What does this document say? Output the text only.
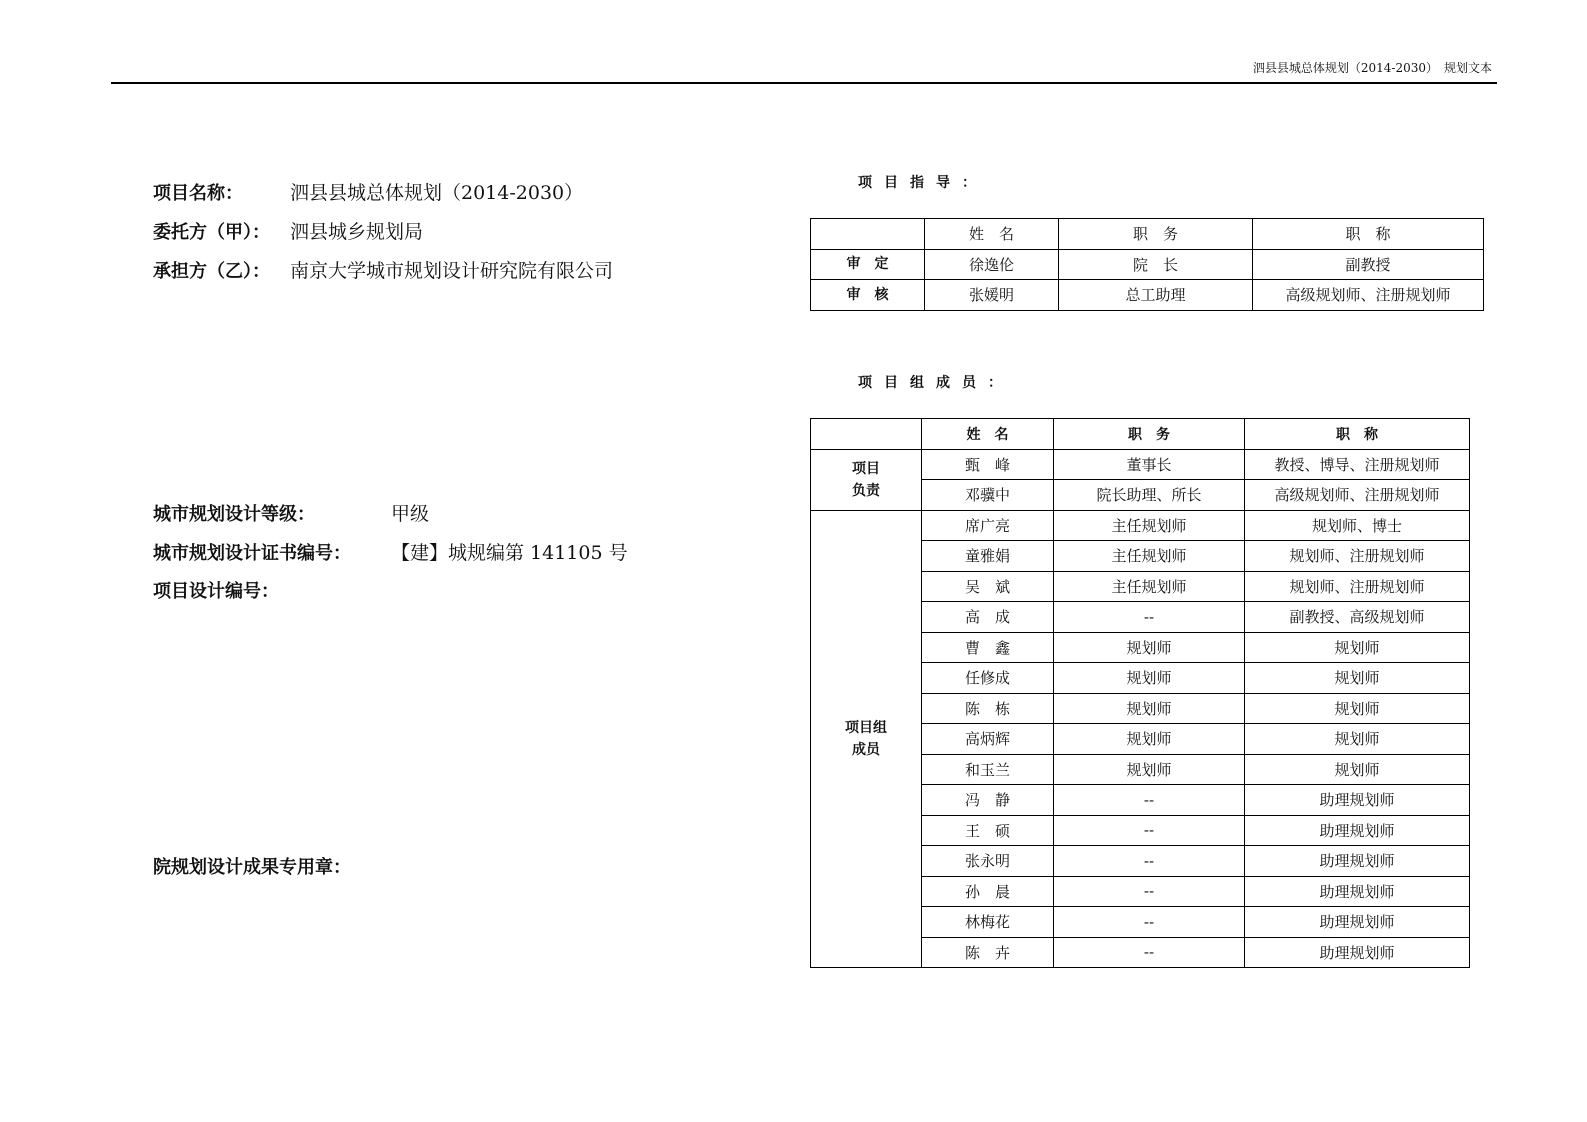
泗县县城总体规划（2014-2030）　规划文本
项目名称：	泗县县城总体规划（2014-2030）
委托方（甲）：	泗县城乡规划局
承担方（乙）：	南京大学城市规划设计研究院有限公司
城市规划设计等级：	甲级
城市规划设计证书编号：	【建】城规编第 141105 号
项目设计编号：
院规划设计成果专用章：
项目指导：
	姓　名	职　务	职　称
审　定	徐逸伦	院　长	副教授
审　核	张媛明	总工助理	高级规划师、注册规划师
项目组成员：
	姓　名	职　务	职　称

项目
负责	甄　峰	董事长	教授、博导、注册规划师
	邓骥中	院长助理、所长	高级规划师、注册规划师

项目组
成员	席广亮	主任规划师	规划师、博士
	童雅娟	主任规划师	规划师、注册规划师
	吴　斌	主任规划师	规划师、注册规划师
	高　成	--	副教授、高级规划师
	曹　鑫	规划师	规划师
	任修成	规划师	规划师
	陈　栋	规划师	规划师
	高炳辉	规划师	规划师
	和玉兰	规划师	规划师
	冯　静	--	助理规划师
	王　硕	--	助理规划师
	张永明	--	助理规划师
	孙　晨	--	助理规划师
	林梅花	--	助理规划师
	陈　卉	--	助理规划师
